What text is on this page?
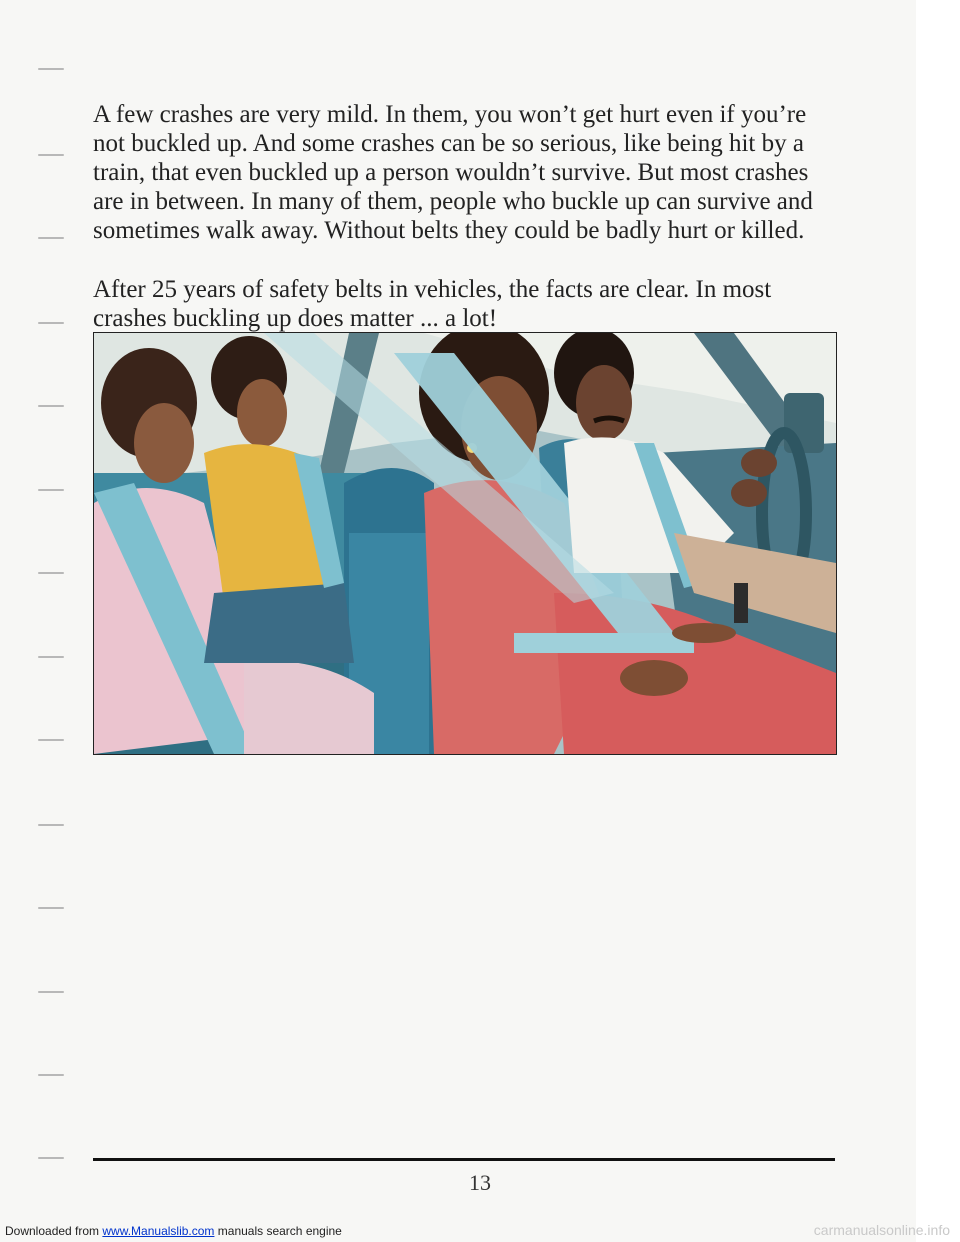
A few crashes are very mild. In them, you won’t get hurt even if you’re not buckled up. And some crashes can be so serious, like being hit by a train, that even buckled up a person wouldn’t survive. But most crashes are in between. In many of them, people who buckle up can survive and sometimes walk away. Without belts they could be badly hurt or killed.

After 25 years of safety belts in vehicles, the facts are clear. In most crashes buckling up does matter ... a lot!

13
Downloaded from www.Manualslib.com manuals search engine	carmanualsonline.info
